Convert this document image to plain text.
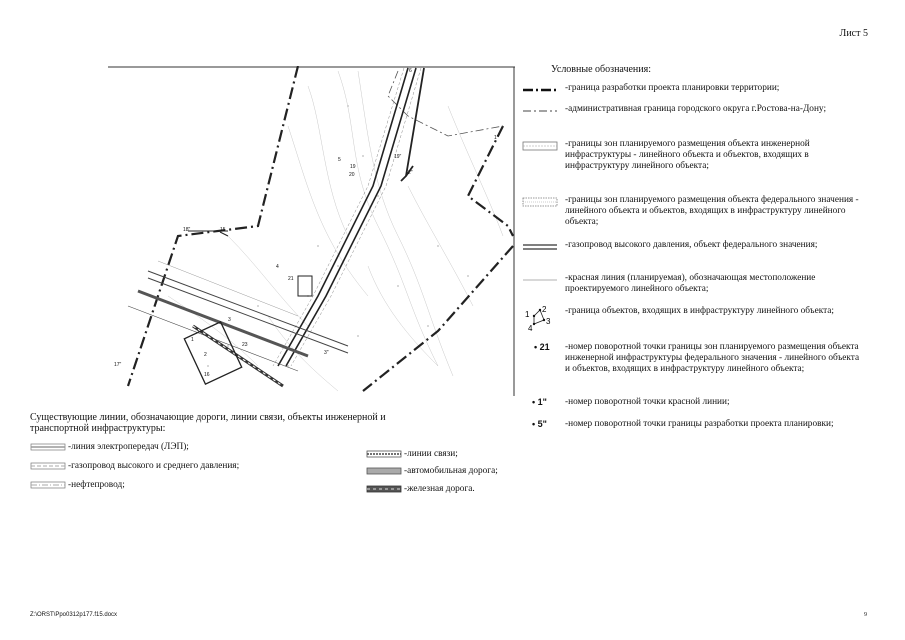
Лист 5
1"
2"
3"
17"
18"
19"
6
5
19
20
4
21
3
23
1
2
15
16
Условные обозначения:
-граница разработки проекта планировки территории;
-административная граница городского округа г.Ростова-на-Дону;
-границы зон планируемого размещения объекта инженерной инфраструктуры - линейного объекта и объектов, входящих в инфраструктуру линейного объекта;
-границы зон планируемого размещения объекта федерального значения - линейного объекта и объектов, входящих в инфраструктуру линейного объекта;
-газопровод высокого давления, объект федерального значения;
-красная линия (планируемая), обозначающая местоположение проектируемого линейного объекта;
1
2
3
4
-граница объектов, входящих в инфраструктуру линейного объекта;
• 21	-номер поворотной точки границы зон планируемого размещения объекта инженерной инфраструктуры федерального значения - линейного объекта и объектов, входящих в инфраструктуру линейного объекта;
• 1"	-номер поворотной точки красной линии;
• 5"	-номер поворотной точки границы разработки проекта планировки;
Существующие линии, обозначающие дороги, линии связи, объекты инженерной и транспортной инфраструктуры:
-линия электропередач (ЛЭП);
-газопровод высокого и среднего давления;
-нефтепровод;
-линии связи;
-автомобильная дорога;
-железная дорога.
Z:\ORST\Ppo0312p177.f15.docx	9
